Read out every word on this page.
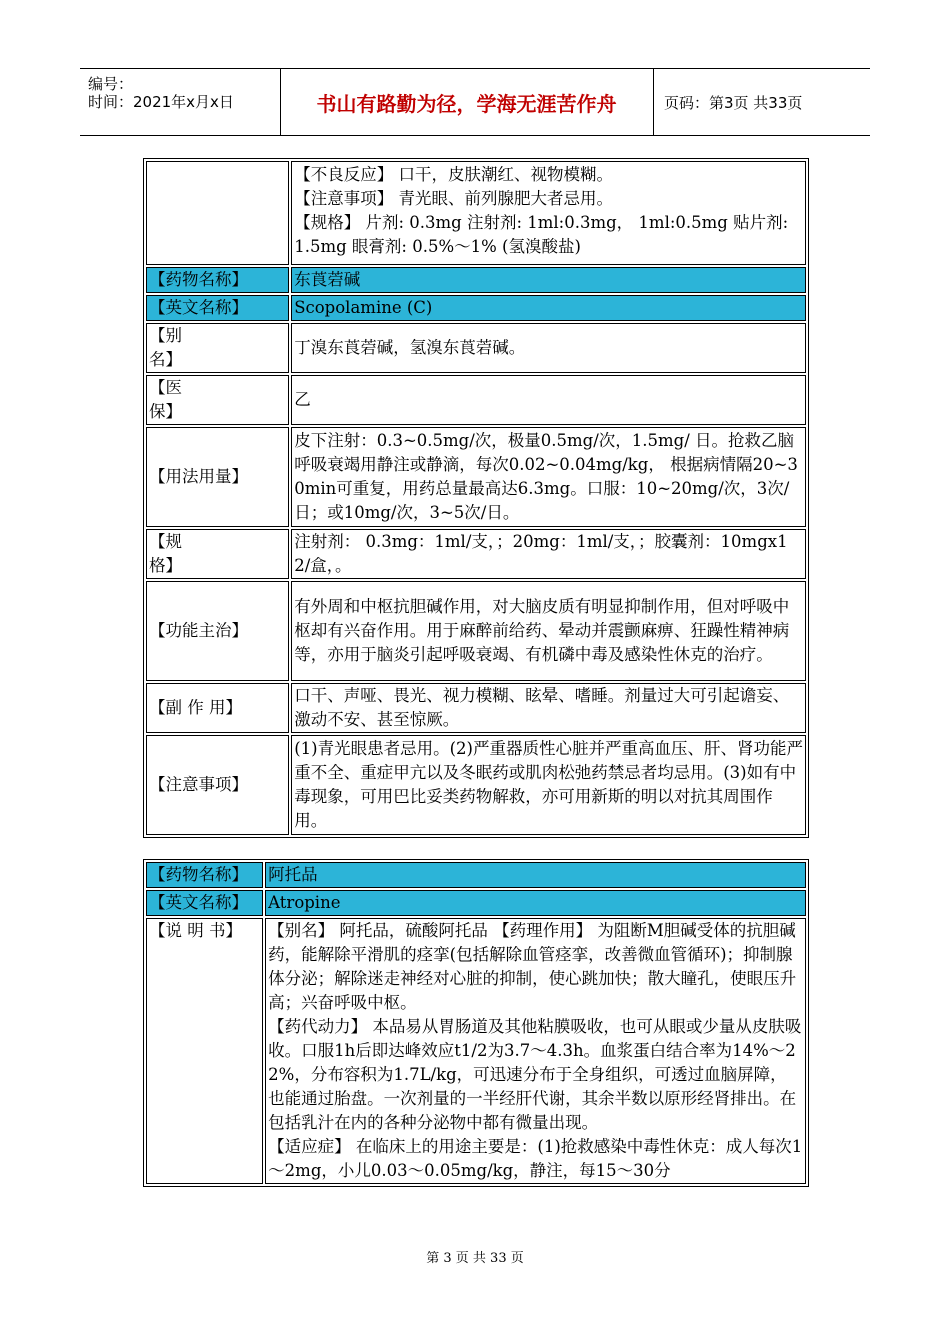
编号：
时间：2021年x月x日	书山有路勤为径，学海无涯苦作舟	页码：第3页 共33页

	【不良反应】 口干，皮肤潮红、视物模糊。
【注意事项】 青光眼、前列腺肥大者忌用。
【规格】 片剂: 0.3mg 注射剂: 1ml:0.3mg， 1ml:0.5mg 贴片剂: 1.5mg 眼膏剂: 0.5%～1% (氢溴酸盐)

【药物名称】	东莨菪碱
【英文名称】	Scopolamine (C)
【别
名】	丁溴东莨菪碱，氢溴东莨菪碱。
【医
保】	乙
【用法用量】	皮下注射：0.3~0.5mg/次，极量0.5mg/次，1.5mg/ 日。抢救乙脑呼吸衰竭用静注或静滴，每次0.02~0.04mg/kg， 根据病情隔20~30min可重复，用药总量最高达6.3mg。口服：10~20mg/次，3次/日；或10mg/次，3~5次/日。
【规
格】	注射剂： 0.3mg：1ml/支，；20mg：1ml/支，；胶囊剂：10mgx12/盒，。
【功能主治】	有外周和中枢抗胆碱作用，对大脑皮质有明显抑制作用，但对呼吸中枢却有兴奋作用。用于麻醉前给药、晕动并震颤麻痹、狂躁性精神病等，亦用于脑炎引起呼吸衰竭、有机磷中毒及感染性休克的治疗。
【副 作 用】	口干、声哑、畏光、视力模糊、眩晕、嗜睡。剂量过大可引起谵妄、激动不安、甚至惊厥。
【注意事项】	(1)青光眼患者忌用。(2)严重器质性心脏并严重高血压、肝、肾功能严重不全、重症甲亢以及冬眠药或肌肉松弛药禁忌者均忌用。(3)如有中毒现象，可用巴比妥类药物解救，亦可用新斯的明以对抗其周围作用。
【药物名称】	阿托品
【英文名称】	Atropine
【说 明 书】	【别名】 阿托品，硫酸阿托品 【药理作用】 为阻断M胆碱受体的抗胆碱药，能解除平滑肌的痉挛(包括解除血管痉挛，改善微血管循环)；抑制腺体分泌；解除迷走神经对心脏的抑制，使心跳加快；散大瞳孔，使眼压升高；兴奋呼吸中枢。
【药代动力】 本品易从胃肠道及其他粘膜吸收，也可从眼或少量从皮肤吸收。口服1h后即达峰效应t1/2为3.7～4.3h。血浆蛋白结合率为14%～22%，分布容积为1.7L/kg，可迅速分布于全身组织，可透过血脑屏障，也能通过胎盘。一次剂量的一半经肝代谢，其余半数以原形经肾排出。在包括乳汁在内的各种分泌物中都有微量出现。
【适应症】 在临床上的用途主要是：(1)抢救感染中毒性休克：成人每次1～2mg，小儿0.03～0.05mg/kg，静注，每15～30分
第 3 页 共 33 页
